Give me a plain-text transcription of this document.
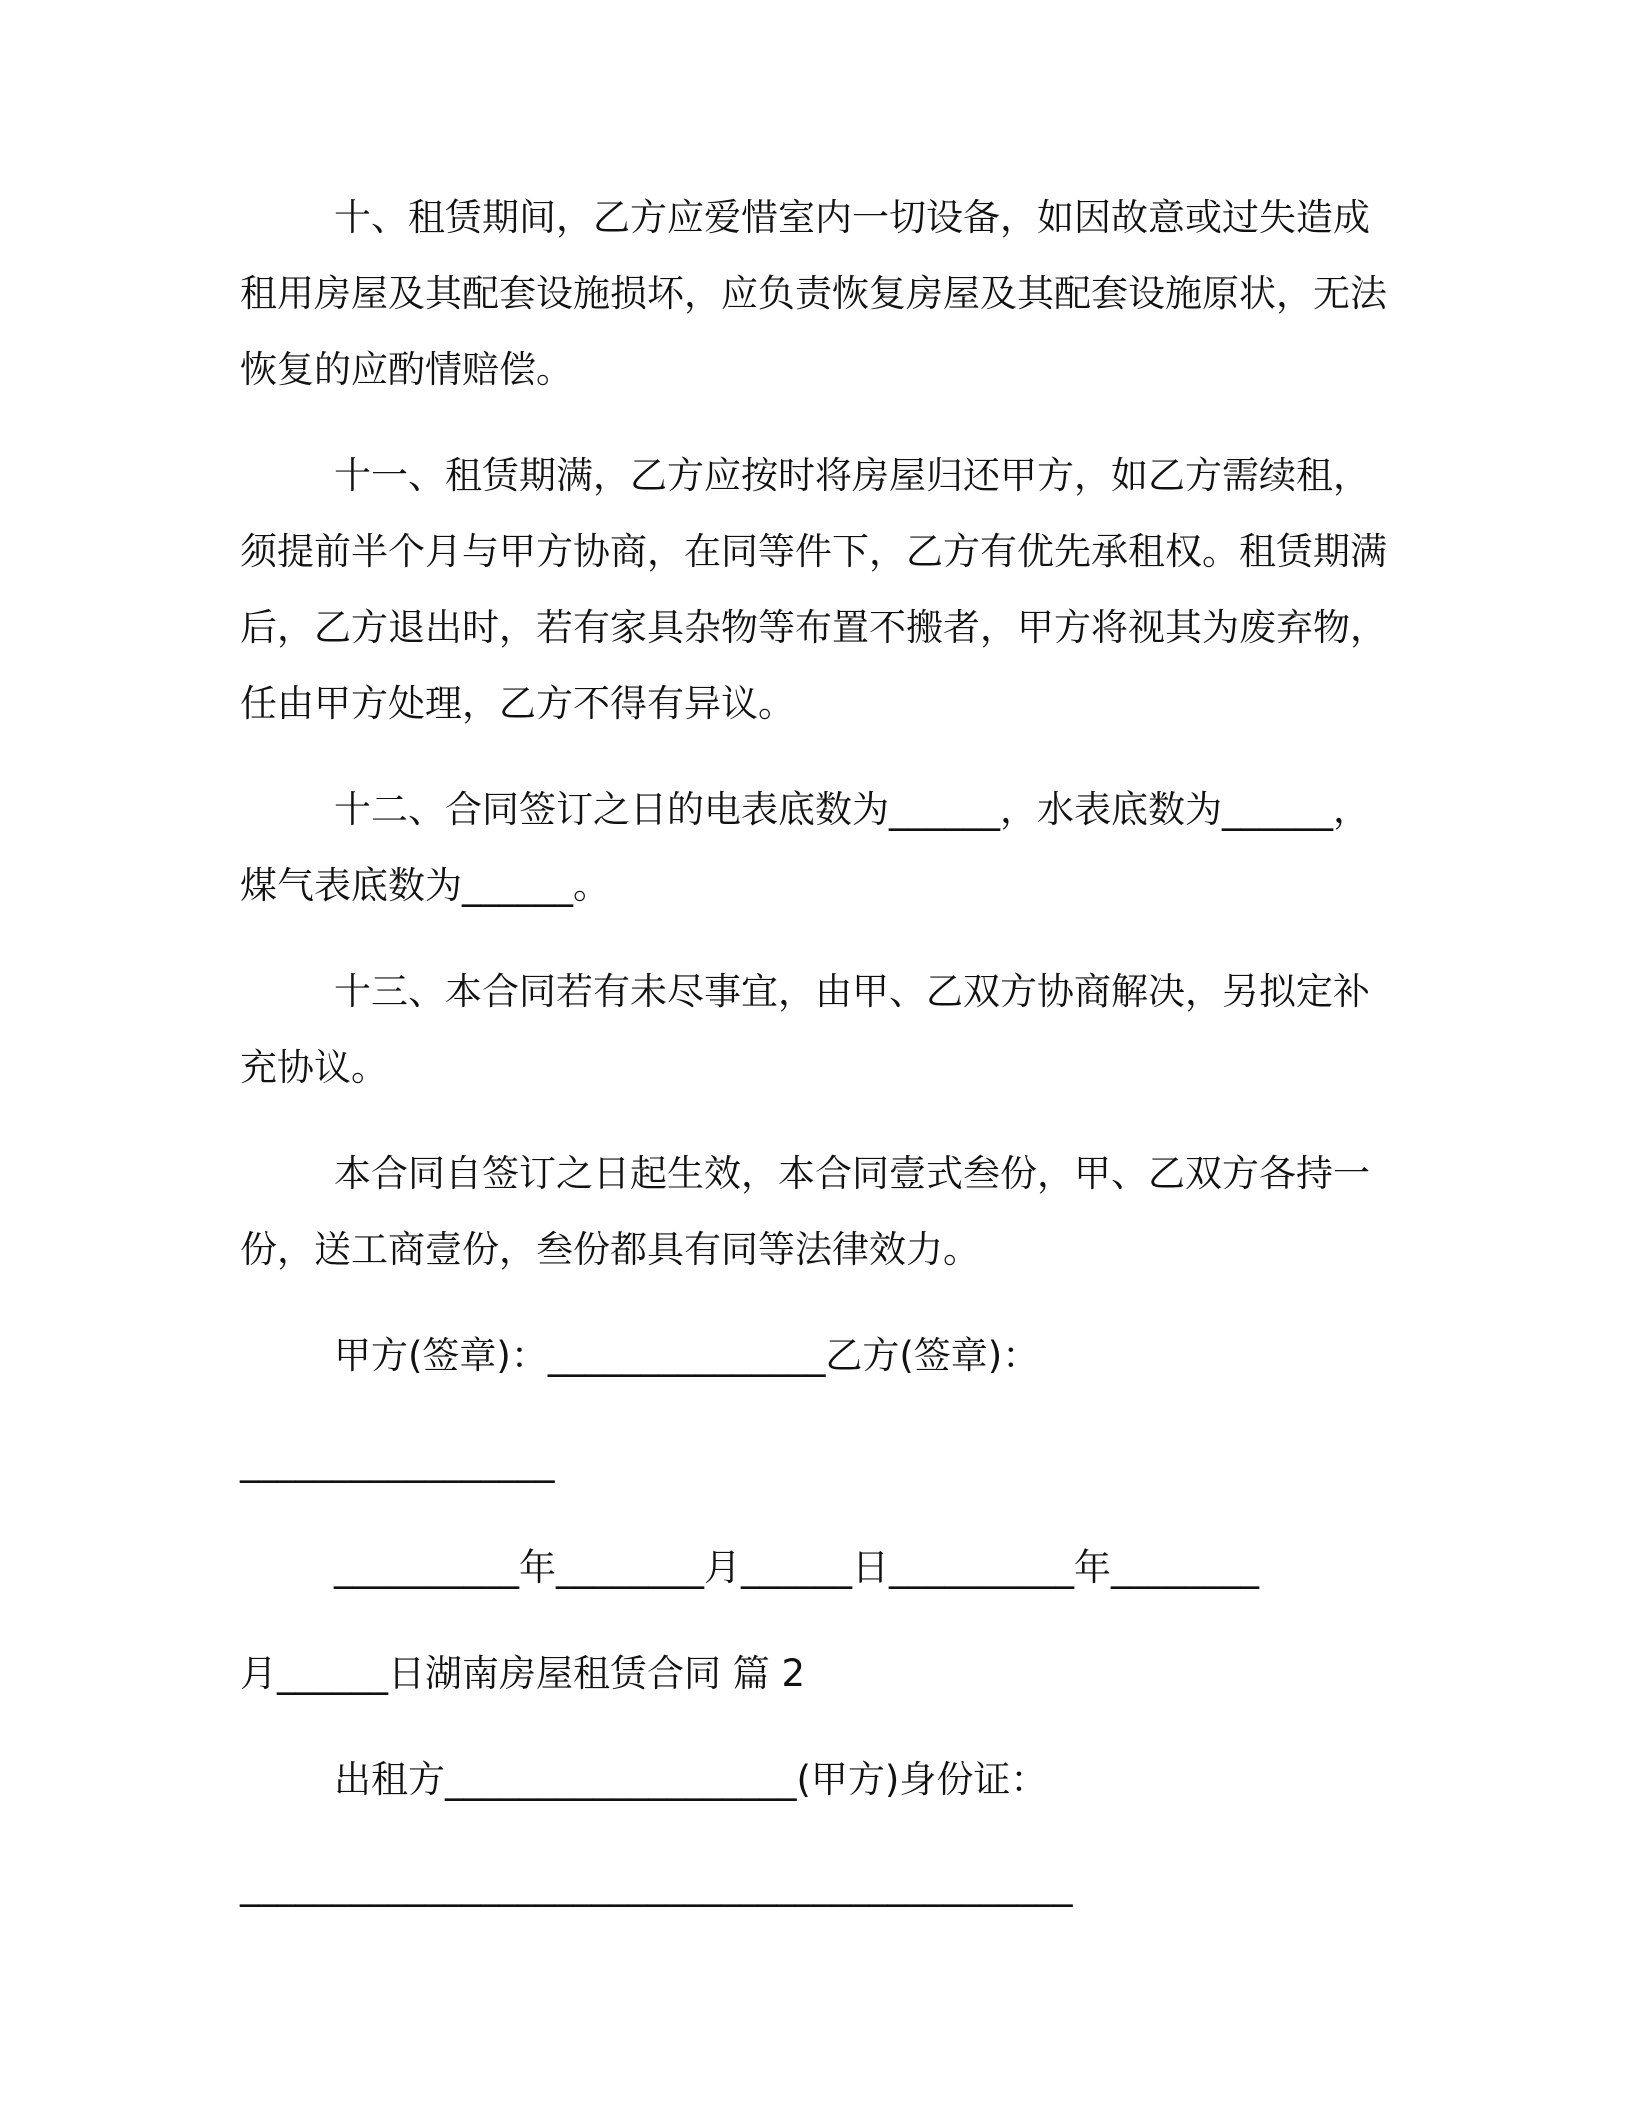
十、租赁期间，乙方应爱惜室内一切设备，如因故意或过失造成租用房屋及其配套设施损坏，应负责恢复房屋及其配套设施原状，无法恢复的应酌情赔偿。

十一、租赁期满，乙方应按时将房屋归还甲方，如乙方需续租，须提前半个月与甲方协商，在同等件下，乙方有优先承租权。租赁期满后，乙方退出时，若有家具杂物等布置不搬者，甲方将视其为废弃物，任由甲方处理，乙方不得有异议。

十二、合同签订之日的电表底数为______，水表底数为______，煤气表底数为______。

十三、本合同若有未尽事宜，由甲、乙双方协商解决，另拟定补充协议。

本合同自签订之日起生效，本合同壹式叁份，甲、乙双方各持一份，送工商壹份，叁份都具有同等法律效力。

甲方(签章)：_______________乙方(签章)：

_________________

__________年________月______日__________年________

月______日湖南房屋租赁合同 篇 2

出租方___________________(甲方)身份证：

_____________________________________________
